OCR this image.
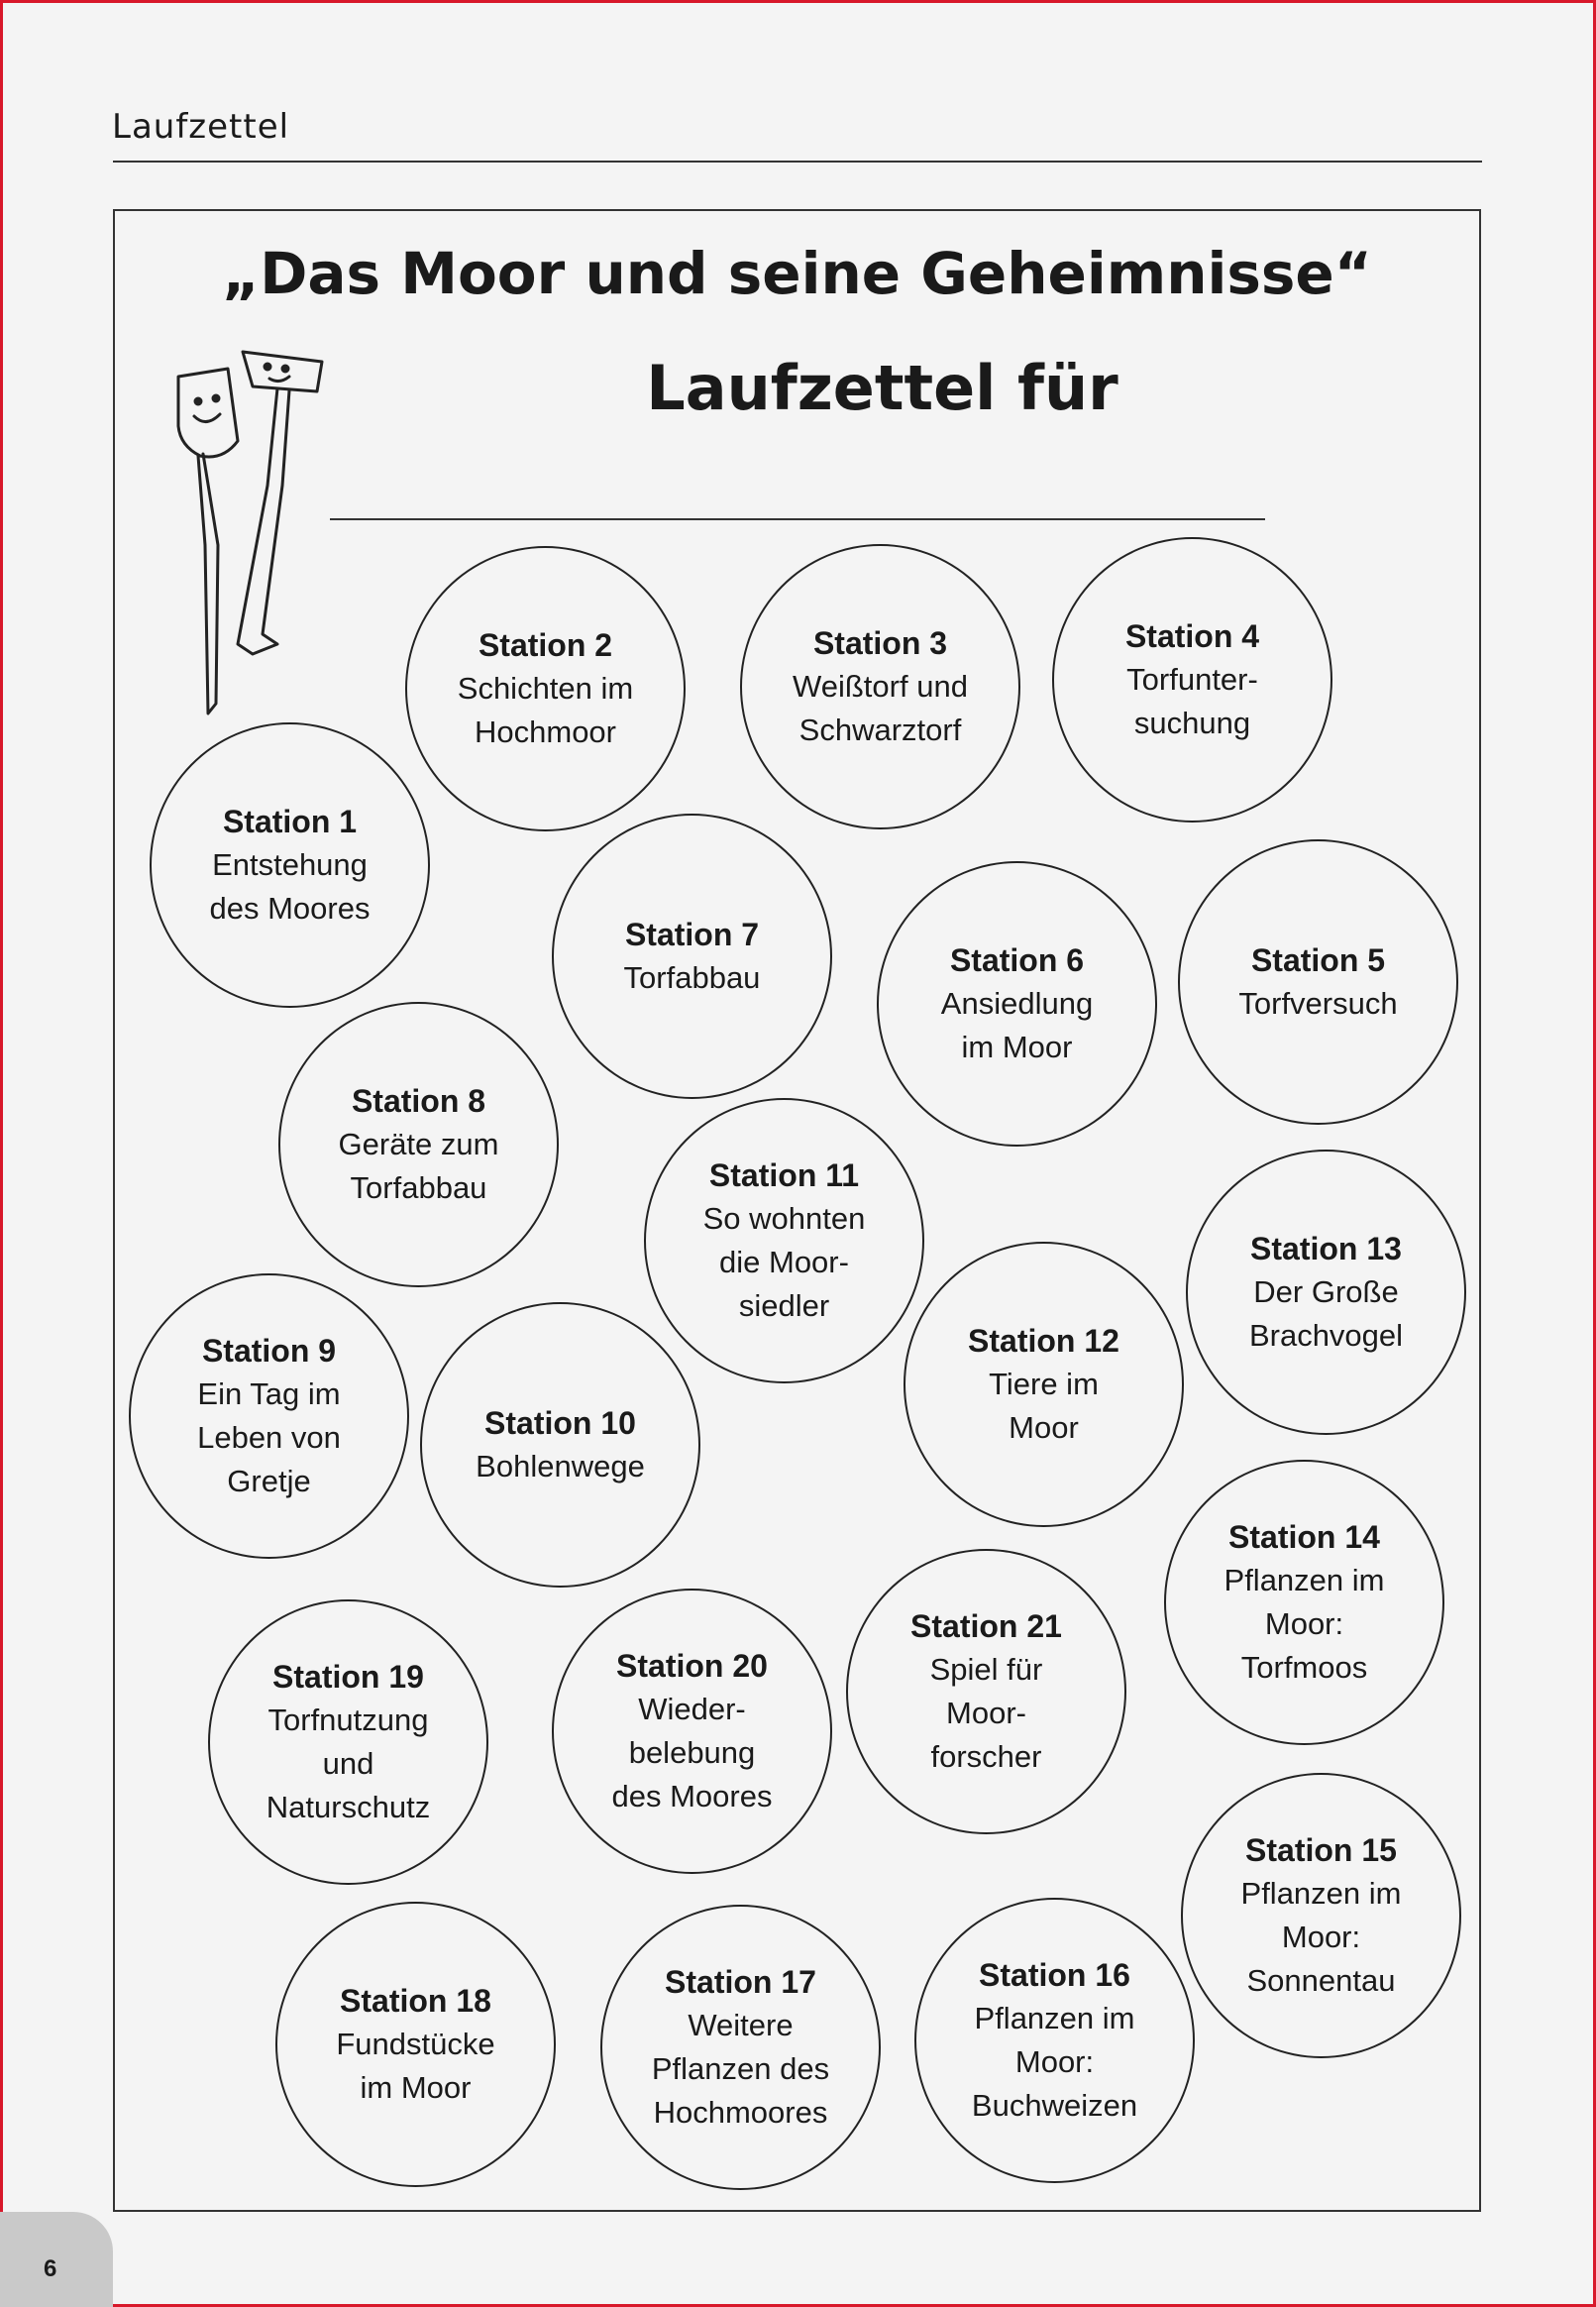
Laufzettel
„Das Moor und seine Geheimnisse“
Laufzettel für
Station 1
Entstehung
des Moores
Station 2
Schichten im
Hochmoor
Station 3
Weißtorf und
Schwarztorf
Station 4
Torfunter-
suchung
Station 5
Torfversuch
Station 6
Ansiedlung
im Moor
Station 7
Torfabbau
Station 8
Geräte zum
Torfabbau
Station 9
Ein Tag im
Leben von
Gretje
Station 10
Bohlenwege
Station 11
So wohnten
die Moor-
siedler
Station 12
Tiere im
Moor
Station 13
Der Große
Brachvogel
Station 14
Pflanzen im
Moor:
Torfmoos
Station 15
Pflanzen im
Moor:
Sonnentau
Station 16
Pflanzen im
Moor:
Buchweizen
Station 17
Weitere
Pflanzen des
Hochmoores
Station 18
Fundstücke
im Moor
Station 19
Torfnutzung
und
Naturschutz
Station 20
Wieder-
belebung
des Moores
Station 21
Spiel für
Moor-
forscher
6
